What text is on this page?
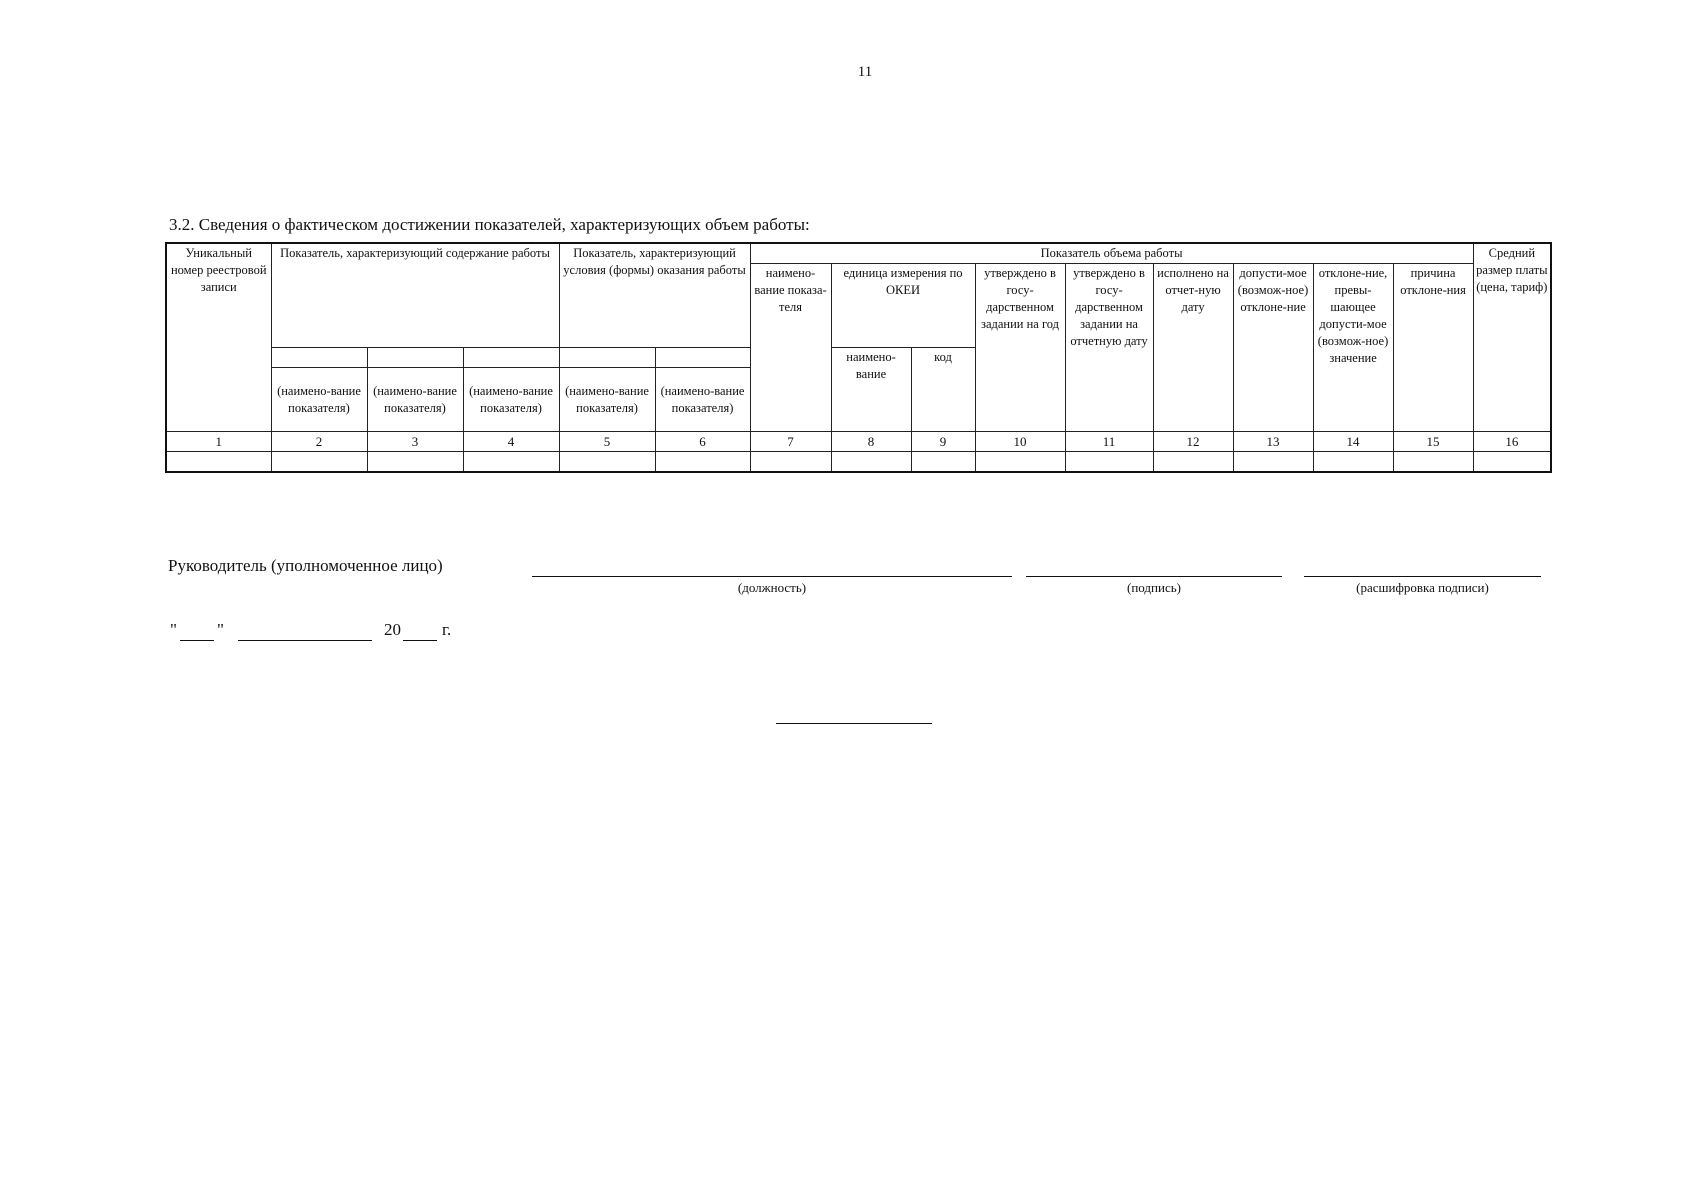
11
3.2. Сведения о фактическом достижении показателей, характеризующих объем работы:
Уникальный номер реестровой записи	Показатель, характеризующий содержание работы			Показатель, характеризующий условия (формы) оказания работы		Показатель объема работы									Средний размер платы (цена, тариф)
						наимено-вание показа-теля	единица измерения по ОКЕИ		утверждено в госу-дарственном задании на год	утверждено в госу-дарственном задании на отчетную дату	исполнено на отчет-ную дату	допусти-мое (возмож-ное) отклоне-ние	отклоне-ние, превы-шающее допусти-мое (возмож-ное) значение	причина отклоне-ния	
							наимено-вание	код							
	(наимено-вание показателя)	(наимено-вание показателя)	(наимено-вание показателя)	(наимено-вание показателя)	(наимено-вание показателя)										
1	2	3	4	5	6	7	8	9	10	11	12	13	14	15	16

Руководитель (уполномоченное лицо)
(должность)	(подпись)	(расшифровка подписи)
" "	20 г.
